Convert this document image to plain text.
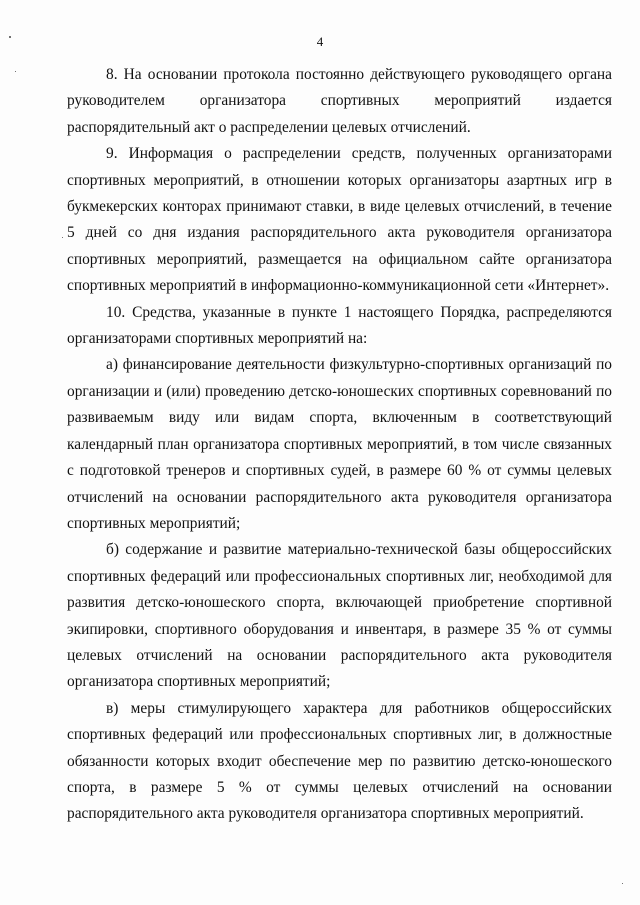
4

8. На основании протокола постоянно действующего руководящего органа руководителем организатора спортивных мероприятий издается распорядительный акт о распределении целевых отчислений.

9. Информация о распределении средств, полученных организаторами спортивных мероприятий, в отношении которых организаторы азартных игр в букмекерских конторах принимают ставки, в виде целевых отчислений, в течение 5 дней со дня издания распорядительного акта руководителя организатора спортивных мероприятий, размещается на официальном сайте организатора спортивных мероприятий в информационно-коммуникационной сети «Интернет».

10. Средства, указанные в пункте 1 настоящего Порядка, распределяются организаторами спортивных мероприятий на:

а) финансирование деятельности физкультурно-спортивных организаций по организации и (или) проведению детско-юношеских спортивных соревнований по развиваемым виду или видам спорта, включенным в соответствующий календарный план организатора спортивных мероприятий, в том числе связанных с подготовкой тренеров и спортивных судей, в размере 60 % от суммы целевых отчислений на основании распорядительного акта руководителя организатора спортивных мероприятий;

б) содержание и развитие материально-технической базы общероссийских спортивных федераций или профессиональных спортивных лиг, необходимой для развития детско-юношеского спорта, включающей приобретение спортивной экипировки, спортивного оборудования и инвентаря, в размере 35 % от суммы целевых отчислений на основании распорядительного акта руководителя организатора спортивных мероприятий;

в) меры стимулирующего характера для работников общероссийских спортивных федераций или профессиональных спортивных лиг, в должностные обязанности которых входит обеспечение мер по развитию детско-юношеского спорта, в размере 5 % от суммы целевых отчислений на основании распорядительного акта руководителя организатора спортивных мероприятий.
